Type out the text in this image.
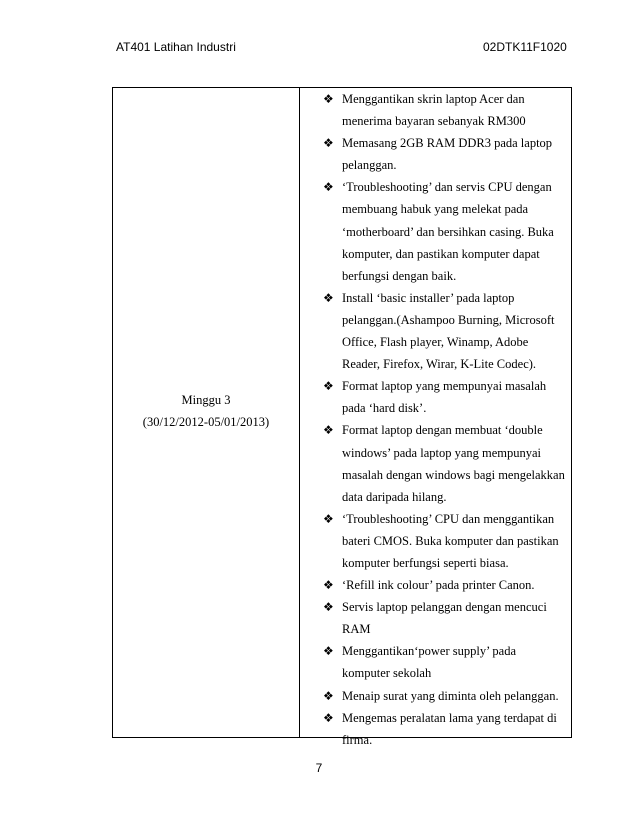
AT401 Latihan Industri	02DTK11F1020
Minggu 3
(30/12/2012-05/01/2013)
❖ Menggantikan skrin laptop Acer dan
menerima bayaran sebanyak RM300
❖ Memasang 2GB RAM DDR3 pada laptop
pelanggan.
❖ ‘Troubleshooting’ dan servis CPU dengan
membuang habuk yang melekat pada
‘motherboard’ dan bersihkan casing. Buka
komputer, dan pastikan komputer dapat
berfungsi dengan baik.
❖ Install ‘basic installer’ pada laptop
pelanggan.(Ashampoo Burning, Microsoft
Office, Flash player, Winamp, Adobe
Reader, Firefox, Wirar, K-Lite Codec).
❖ Format laptop yang mempunyai masalah
pada ‘hard disk’.
❖ Format laptop dengan membuat ‘double
windows’ pada laptop yang mempunyai
masalah dengan windows bagi mengelakkan
data daripada hilang.
❖ ‘Troubleshooting’ CPU dan menggantikan
bateri CMOS. Buka komputer dan pastikan
komputer berfungsi seperti biasa.
❖ ‘Refill ink colour’ pada printer Canon.
❖ Servis laptop pelanggan dengan mencuci
RAM
❖ Menggantikan‘power supply’ pada
komputer sekolah
❖ Menaip surat yang diminta oleh pelanggan.
❖ Mengemas peralatan lama yang terdapat di
firma.
7
